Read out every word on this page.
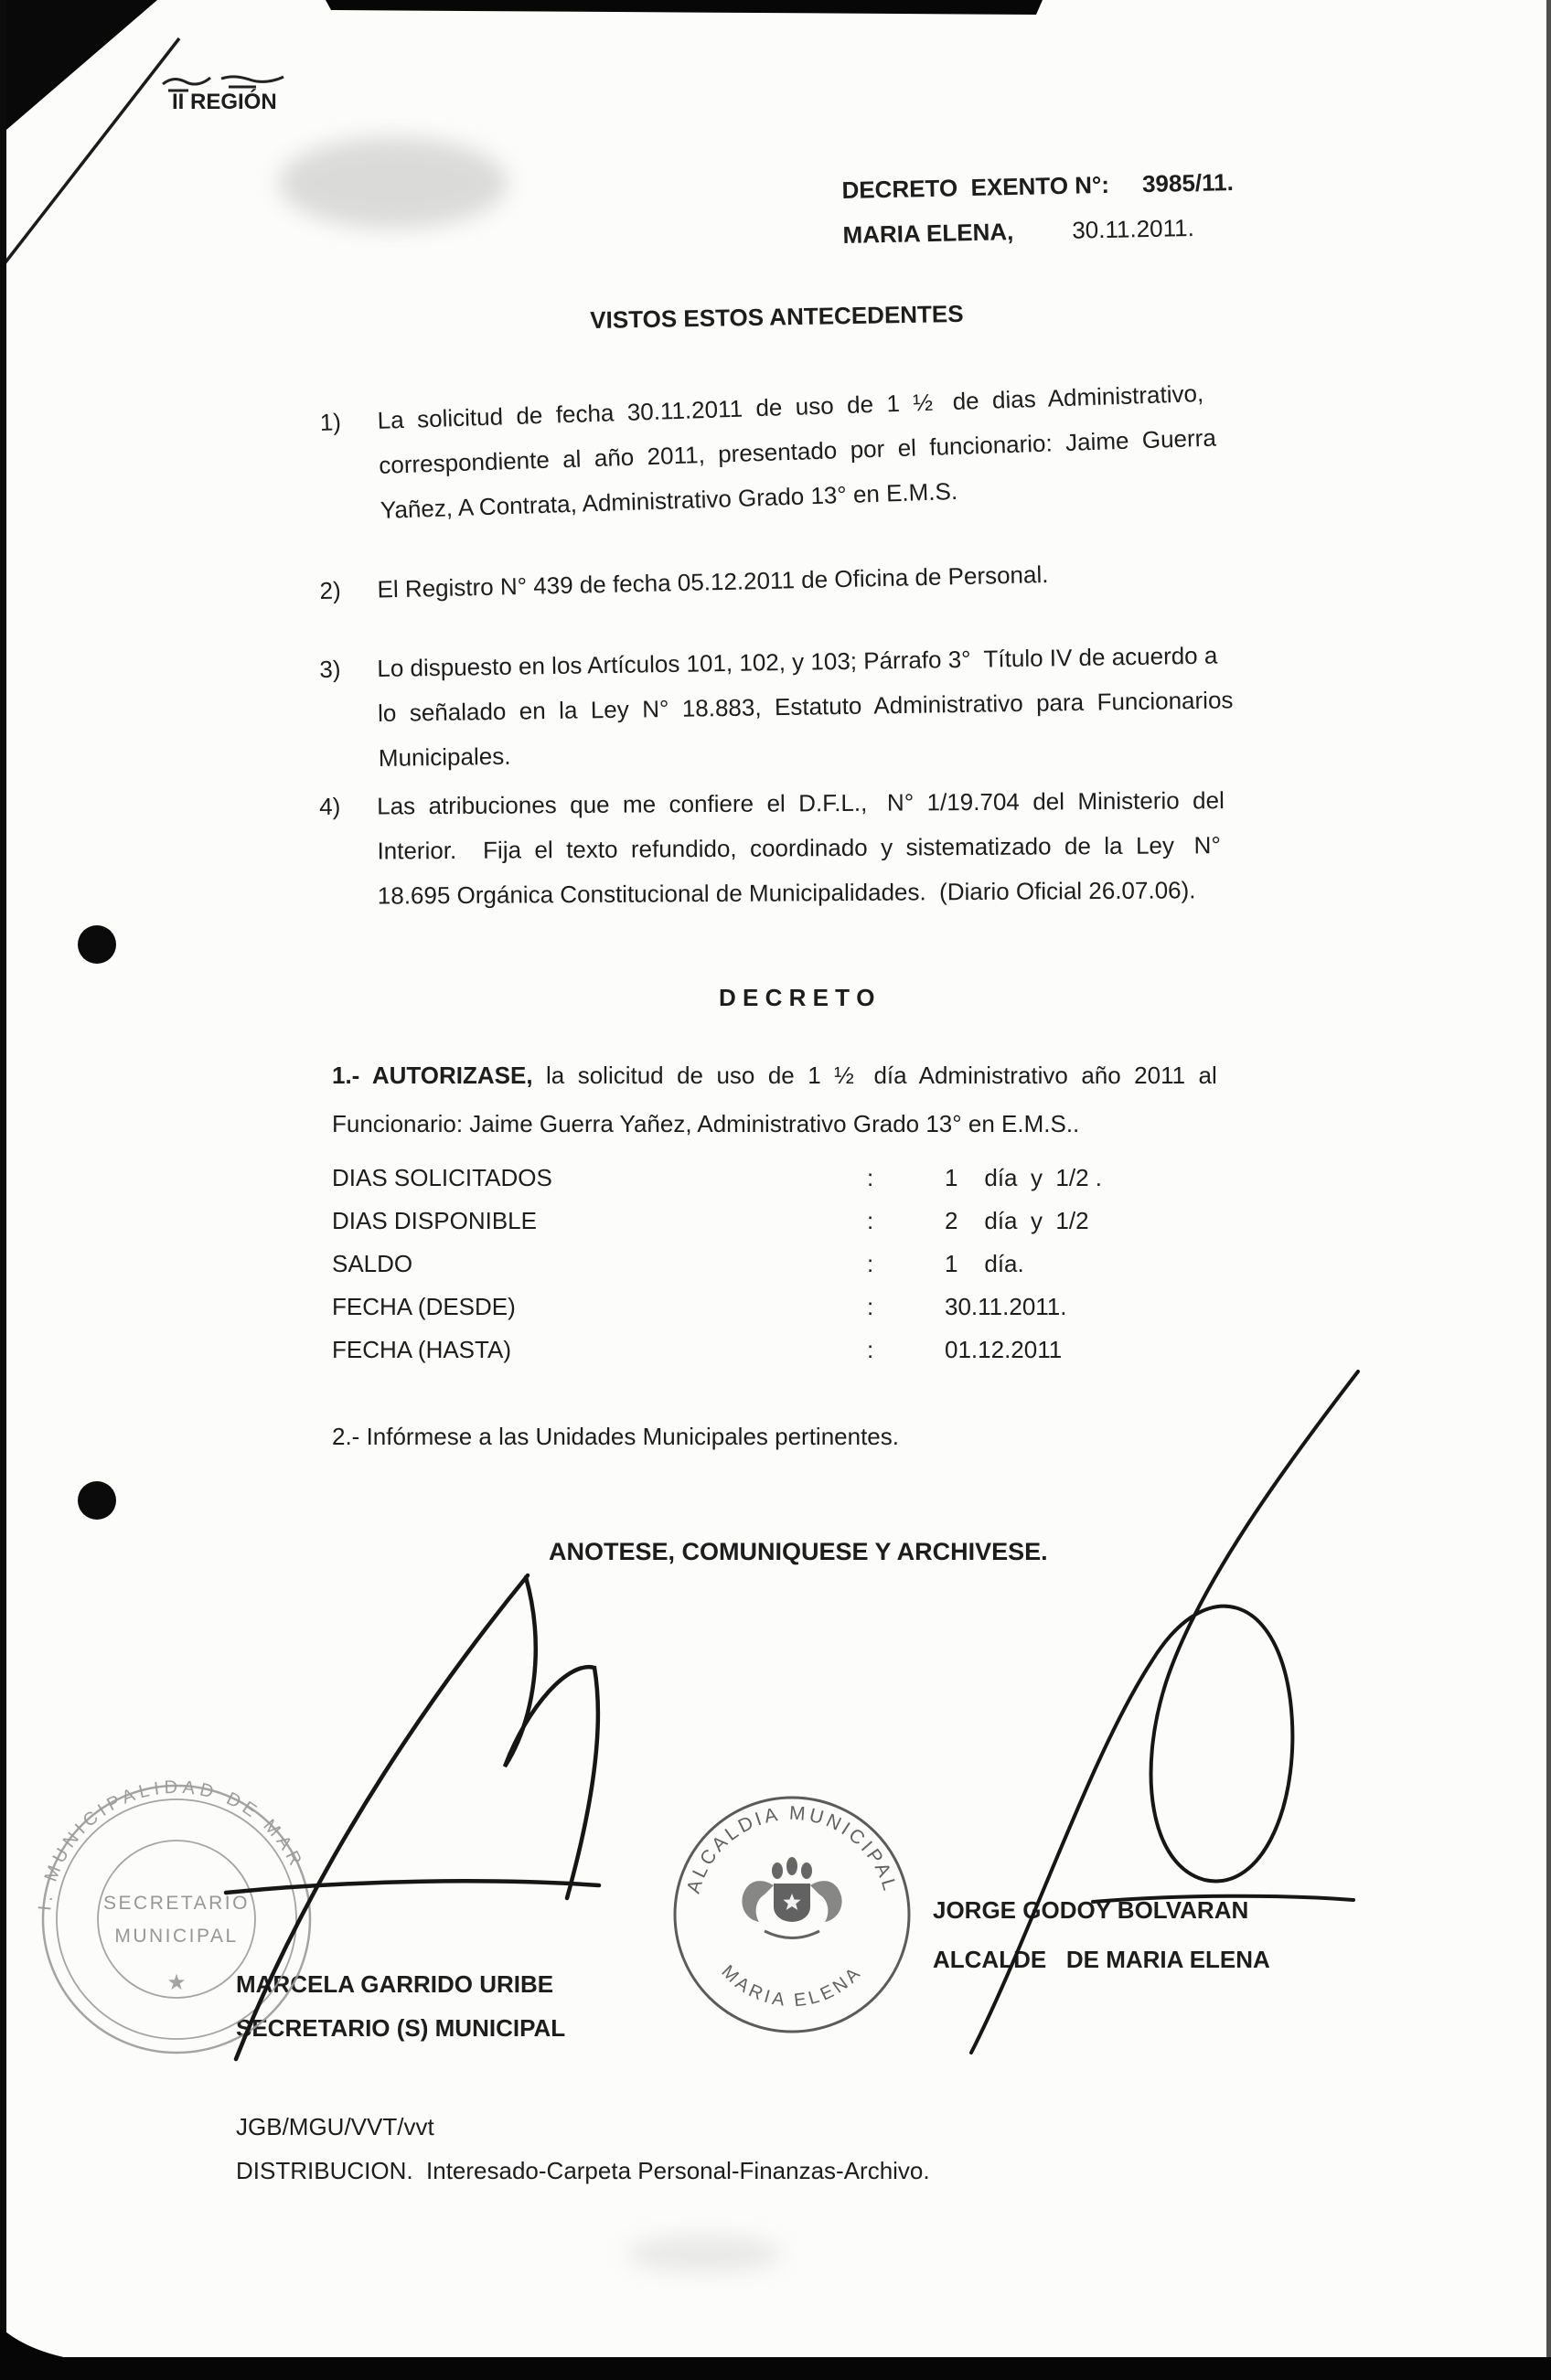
II REGIÓN
DECRETO  EXENTO N°: 3985/11.
MARIA ELENA, 30.11.2011.
VISTOS ESTOS ANTECEDENTES
1)	La  solicitud  de  fecha  30.11.2011  de  uso  de  1  ½   de  dias  Administrativo,
correspondiente  al  año  2011,  presentado  por  el  funcionario:  Jaime  Guerra
Yañez, A Contrata, Administrativo Grado 13° en E.M.S.
2)	El Registro N° 439 de fecha 05.12.2011 de Oficina de Personal.
3)	Lo dispuesto en los Artículos 101, 102, y 103; Párrafo 3°  Título IV de acuerdo a
lo  señalado  en  la  Ley  N°  18.883,  Estatuto  Administrativo  para  Funcionarios
Municipales.
4)	Las  atribuciones  que  me  confiere  el  D.F.L.,   N°  1/19.704  del  Ministerio  del
Interior.    Fija  el  texto  refundido,  coordinado  y  sistematizado  de  la  Ley   N°
18.695 Orgánica Constitucional de Municipalidades.  (Diario Oficial 26.07.06).
D E C R E T O
1.-  AUTORIZASE,  la  solicitud  de  uso  de  1  ½   día  Administrativo  año  2011  al
Funcionario: Jaime Guerra Yañez, Administrativo Grado 13° en E.M.S..
DIAS SOLICITADOS	:	1    día  y  1/2 .
DIAS DISPONIBLE	:	2    día  y  1/2
SALDO	:	1    día.
FECHA (DESDE)	:	30.11.2011.
FECHA (HASTA)	:	01.12.2011
2.- Infórmese a las Unidades Municipales pertinentes.
ANOTESE, COMUNIQUESE Y ARCHIVESE.
MARCELA GARRIDO URIBE
SECRETARIO (S) MUNICIPAL
JORGE GODOY BOLVARAN
ALCALDE   DE MARIA ELENA
JGB/MGU/VVT/vvt
DISTRIBUCION.  Interesado-Carpeta Personal-Finanzas-Archivo.
I. MUNICIPALIDAD DE MAR
SECRETARIO
MUNICIPAL
★
ALCALDIA MUNICIPAL
MARIA ELENA
